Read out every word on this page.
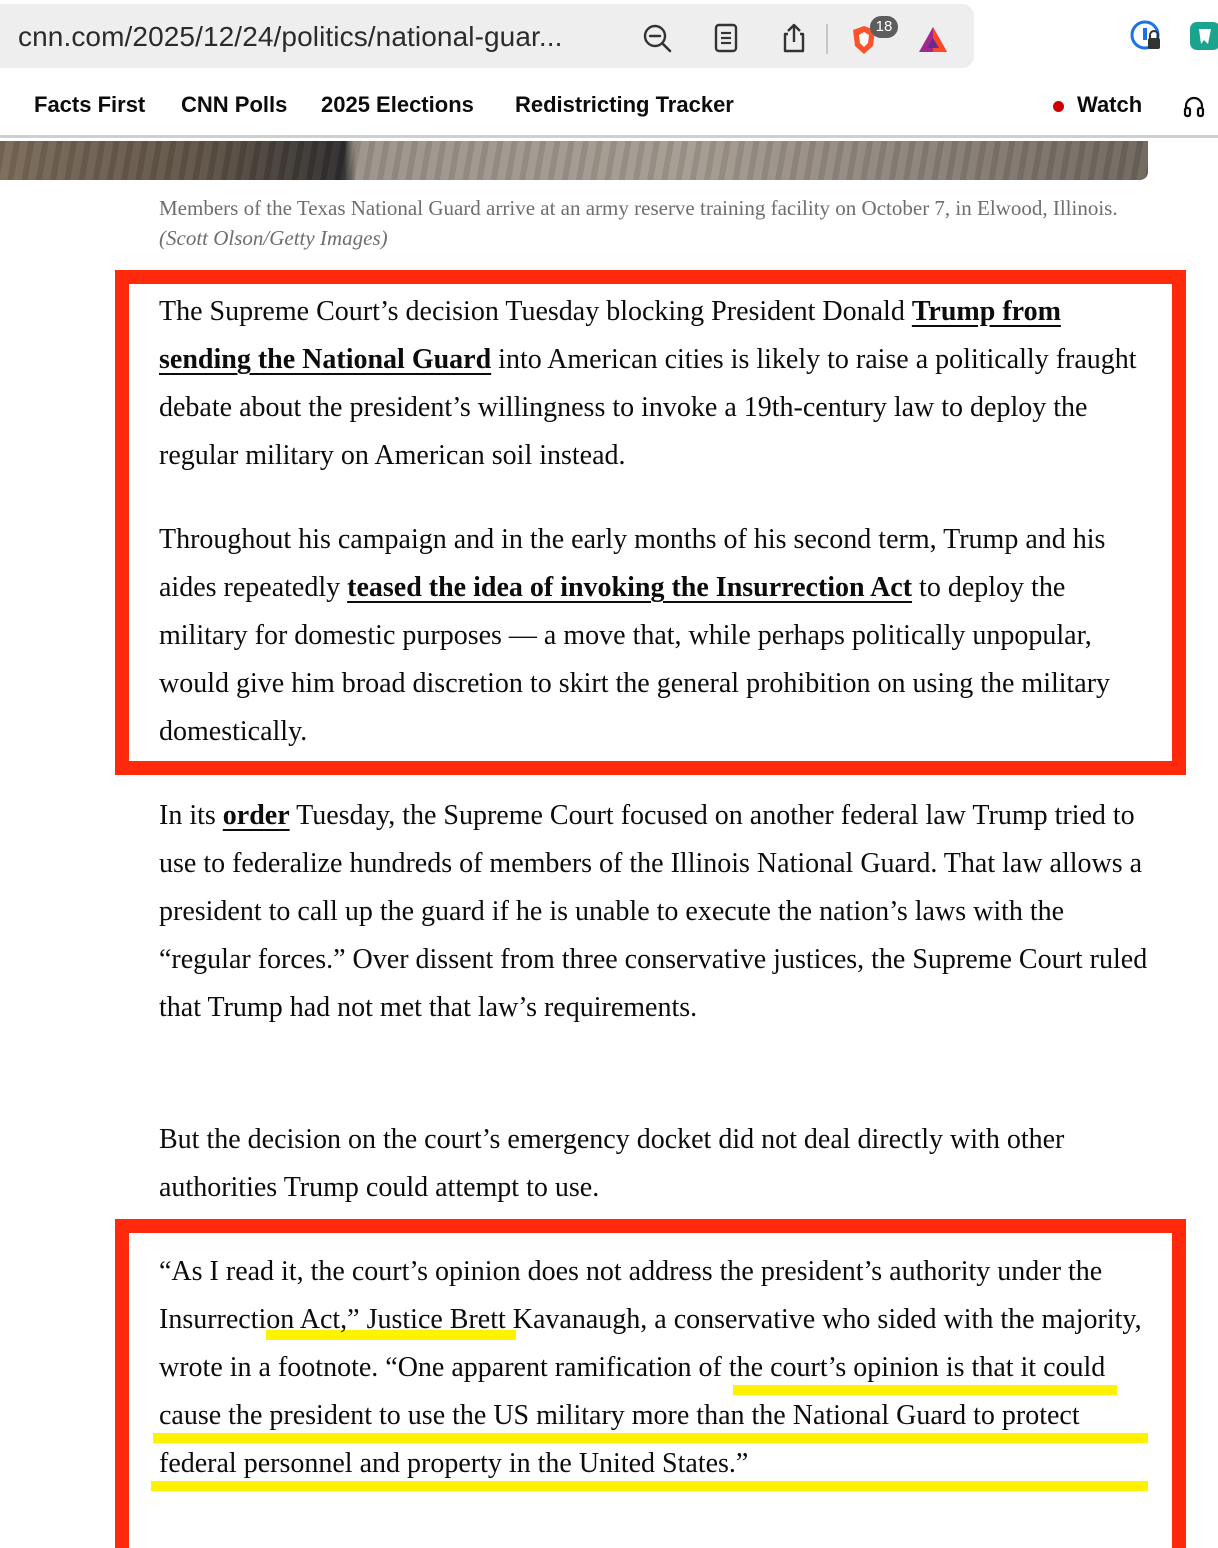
cnn.com/2025/12/24/politics/national-guar...	18
Facts First CNN Polls 2025 Elections Redistricting Tracker	Watch

Members of the Texas National Guard arrive at an army reserve training facility on October 7, in Elwood, Illinois. (Scott Olson/Getty Images)

The Supreme Court’s decision Tuesday blocking President Donald Trump from sending the National Guard into American cities is likely to raise a politically fraught debate about the president’s willingness to invoke a 19th-century law to deploy the regular military on American soil instead.

Throughout his campaign and in the early months of his second term, Trump and his aides repeatedly teased the idea of invoking the Insurrection Act to deploy the military for domestic purposes — a move that, while perhaps politically unpopular, would give him broad discretion to skirt the general prohibition on using the military domestically.

In its order Tuesday, the Supreme Court focused on another federal law Trump tried to use to federalize hundreds of members of the Illinois National Guard. That law allows a president to call up the guard if he is unable to execute the nation’s laws with the “regular forces.” Over dissent from three conservative justices, the Supreme Court ruled that Trump had not met that law’s requirements.

But the decision on the court’s emergency docket did not deal directly with other authorities Trump could attempt to use.

“As I read it, the court’s opinion does not address the president’s authority under the Insurrection Act,” Justice Brett Kavanaugh, a conservative who sided with the majority, wrote in a footnote. “One apparent ramification of the court’s opinion is that it could cause the president to use the US military more than the National Guard to protect federal personnel and property in the United States.”
